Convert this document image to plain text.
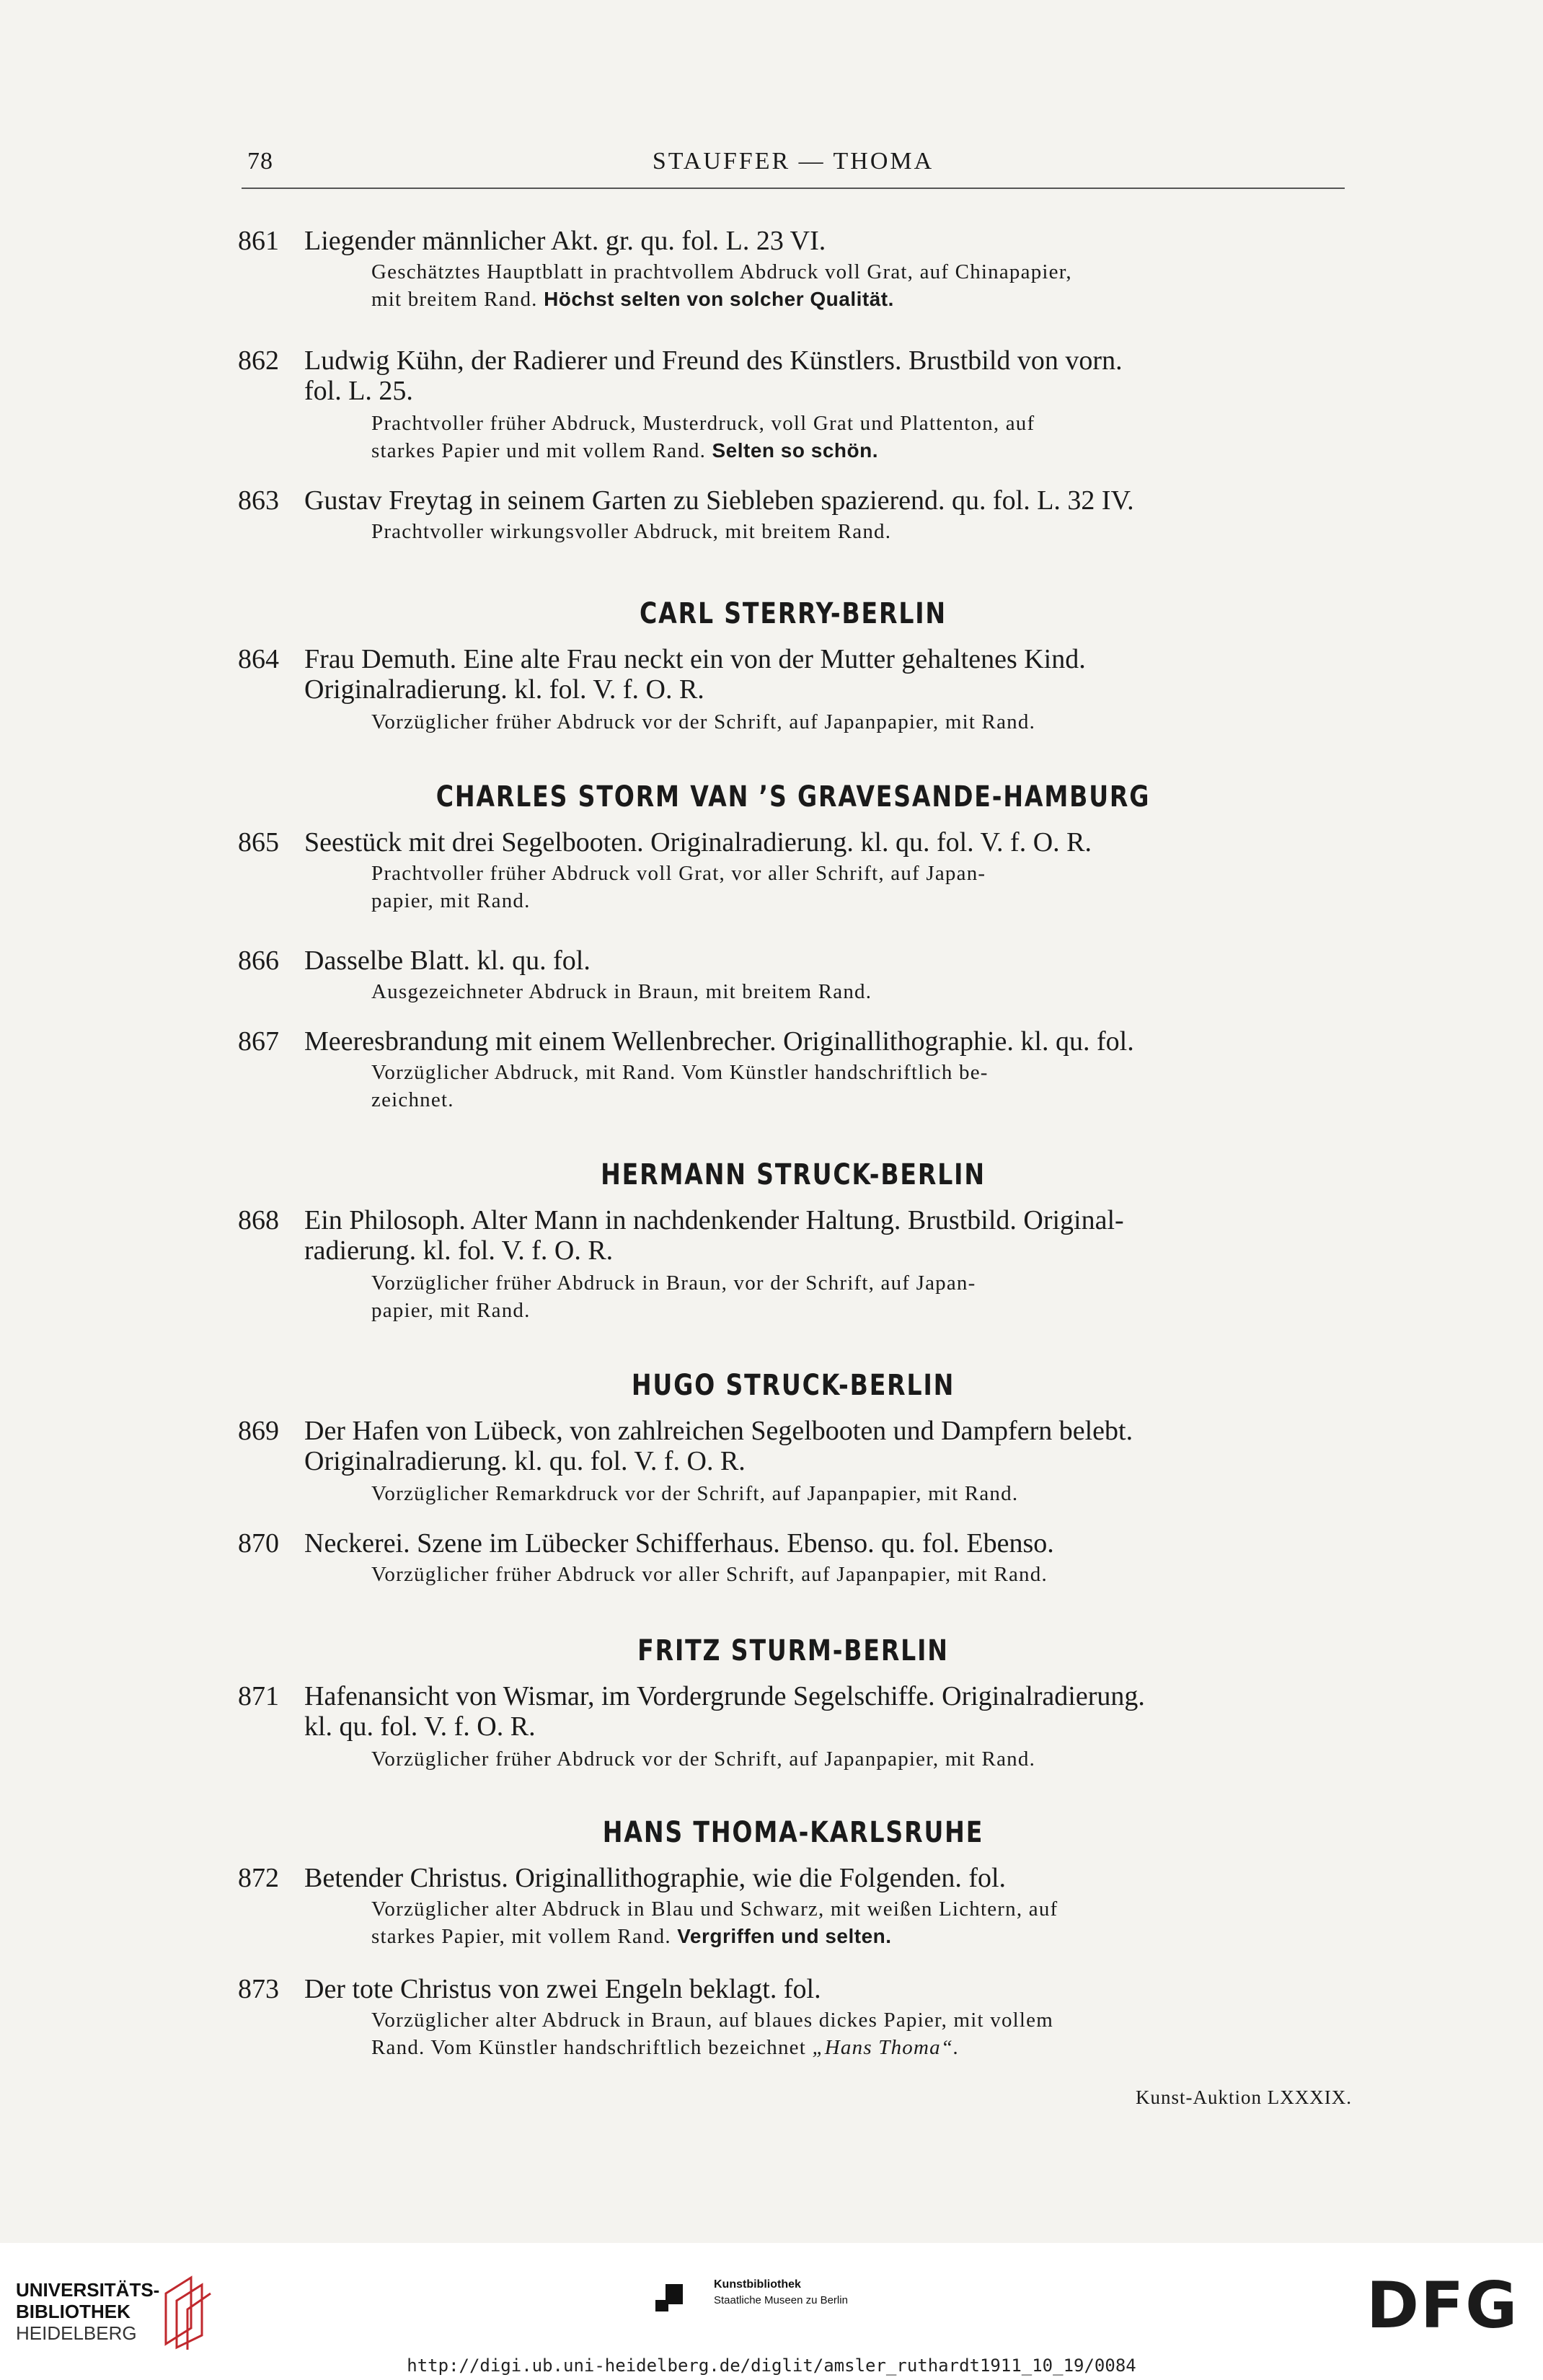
78	STAUFFER — THOMA
861 Liegender männlicher Akt. gr. qu. fol. L. 23 VI.
Geschätztes Hauptblatt in prachtvollem Abdruck voll Grat, auf Chinapapier,
mit breitem Rand. Höchst selten von solcher Qualität.
862 Ludwig Kühn, der Radierer und Freund des Künstlers. Brustbild von vorn.
fol. L. 25.
Prachtvoller früher Abdruck, Musterdruck, voll Grat und Plattenton, auf
starkes Papier und mit vollem Rand. Selten so schön.
863 Gustav Freytag in seinem Garten zu Siebleben spazierend. qu. fol. L. 32 IV.
Prachtvoller wirkungsvoller Abdruck, mit breitem Rand.
CARL STERRY-BERLIN
864 Frau Demuth. Eine alte Frau neckt ein von der Mutter gehaltenes Kind.
Originalradierung. kl. fol. V. f. O. R.
Vorzüglicher früher Abdruck vor der Schrift, auf Japanpapier, mit Rand.
CHARLES STORM VAN ’S GRAVESANDE-HAMBURG
865 Seestück mit drei Segelbooten. Originalradierung. kl. qu. fol. V. f. O. R.
Prachtvoller früher Abdruck voll Grat, vor aller Schrift, auf Japan-
papier, mit Rand.
866 Dasselbe Blatt. kl. qu. fol.
Ausgezeichneter Abdruck in Braun, mit breitem Rand.
867 Meeresbrandung mit einem Wellenbrecher. Originallithographie. kl. qu. fol.
Vorzüglicher Abdruck, mit Rand. Vom Künstler handschriftlich be-
zeichnet.
HERMANN STRUCK-BERLIN
868 Ein Philosoph. Alter Mann in nachdenkender Haltung. Brustbild. Original-
radierung. kl. fol. V. f. O. R.
Vorzüglicher früher Abdruck in Braun, vor der Schrift, auf Japan-
papier, mit Rand.
HUGO STRUCK-BERLIN
869 Der Hafen von Lübeck, von zahlreichen Segelbooten und Dampfern belebt.
Originalradierung. kl. qu. fol. V. f. O. R.
Vorzüglicher Remarkdruck vor der Schrift, auf Japanpapier, mit Rand.
870 Neckerei. Szene im Lübecker Schifferhaus. Ebenso. qu. fol. Ebenso.
Vorzüglicher früher Abdruck vor aller Schrift, auf Japanpapier, mit Rand.
FRITZ STURM-BERLIN
871 Hafenansicht von Wismar, im Vordergrunde Segelschiffe. Originalradierung.
kl. qu. fol. V. f. O. R.
Vorzüglicher früher Abdruck vor der Schrift, auf Japanpapier, mit Rand.
HANS THOMA-KARLSRUHE
872 Betender Christus. Originallithographie, wie die Folgenden. fol.
Vorzüglicher alter Abdruck in Blau und Schwarz, mit weißen Lichtern, auf
starkes Papier, mit vollem Rand. Vergriffen und selten.
873 Der tote Christus von zwei Engeln beklagt. fol.
Vorzüglicher alter Abdruck in Braun, auf blaues dickes Papier, mit vollem
Rand. Vom Künstler handschriftlich bezeichnet „Hans Thoma“.
Kunst-Auktion LXXXIX.
UNIVERSITÄTS-
BIBLIOTHEK
HEIDELBERG
Kunstbibliothek
Staatliche Museen zu Berlin	DFG
http://digi.ub.uni-heidelberg.de/diglit/amsler_ruthardt1911_10_19/0084
